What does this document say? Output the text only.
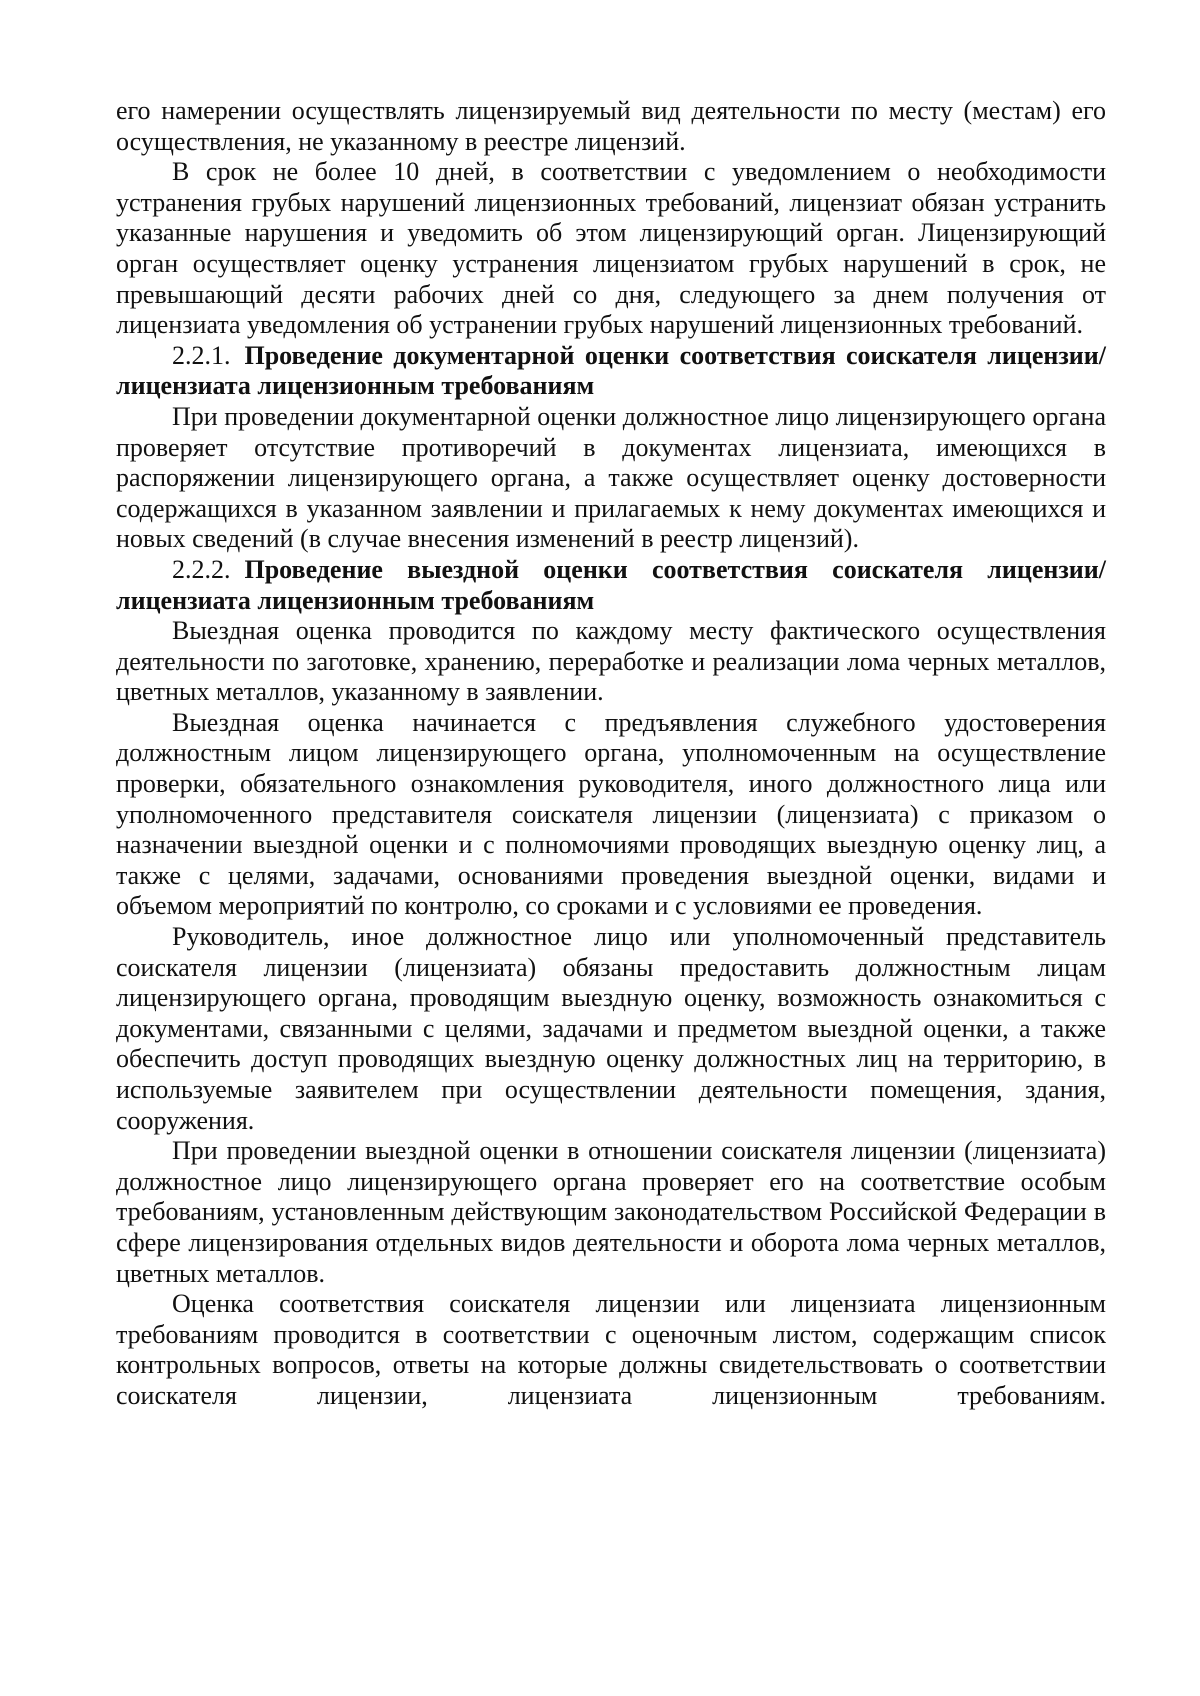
его намерении осуществлять лицензируемый вид деятельности по месту (местам) его осуществления, не указанному в реестре лицензий.

В срок не более 10 дней, в соответствии с уведомлением о необходимости устранения грубых нарушений лицензионных требований, лицензиат обязан устранить указанные нарушения и уведомить об этом лицензирующий орган. Лицензирующий орган осуществляет оценку устранения лицензиатом грубых нарушений в срок, не превышающий десяти рабочих дней со дня, следующего за днем получения от лицензиата уведомления об устранении грубых нарушений лицензионных требований.

2.2.1. Проведение документарной оценки соответствия соискателя лицензии/лицензиата лицензионным требованиям

При проведении документарной оценки должностное лицо лицензирующего органа проверяет отсутствие противоречий в документах лицензиата, имеющихся в распоряжении лицензирующего органа, а также осуществляет оценку достоверности содержащихся в указанном заявлении и прилагаемых к нему документах имеющихся и новых сведений (в случае внесения изменений в реестр лицензий).

2.2.2. Проведение выездной оценки соответствия соискателя лицензии/лицензиата лицензионным требованиям

Выездная оценка проводится по каждому месту фактического осуществления деятельности по заготовке, хранению, переработке и реализации лома черных металлов, цветных металлов, указанному в заявлении.

Выездная оценка начинается с предъявления служебного удостоверения должностным лицом лицензирующего органа, уполномоченным на осуществление проверки, обязательного ознакомления руководителя, иного должностного лица или уполномоченного представителя соискателя лицензии (лицензиата) с приказом о назначении выездной оценки и с полномочиями проводящих выездную оценку лиц, а также с целями, задачами, основаниями проведения выездной оценки, видами и объемом мероприятий по контролю, со сроками и с условиями ее проведения.

Руководитель, иное должностное лицо или уполномоченный представитель соискателя лицензии (лицензиата) обязаны предоставить должностным лицам лицензирующего органа, проводящим выездную оценку, возможность ознакомиться с документами, связанными с целями, задачами и предметом выездной оценки, а также обеспечить доступ проводящих выездную оценку должностных лиц на территорию, в используемые заявителем при осуществлении деятельности помещения, здания, сооружения.

При проведении выездной оценки в отношении соискателя лицензии (лицензиата) должностное лицо лицензирующего органа проверяет его на соответствие особым требованиям, установленным действующим законодательством Российской Федерации в сфере лицензирования отдельных видов деятельности и оборота лома черных металлов, цветных металлов.

Оценка соответствия соискателя лицензии или лицензиата лицензионным требованиям проводится в соответствии с оценочным листом, содержащим список контрольных вопросов, ответы на которые должны свидетельствовать о соответствии соискателя лицензии, лицензиата лицензионным требованиям.
